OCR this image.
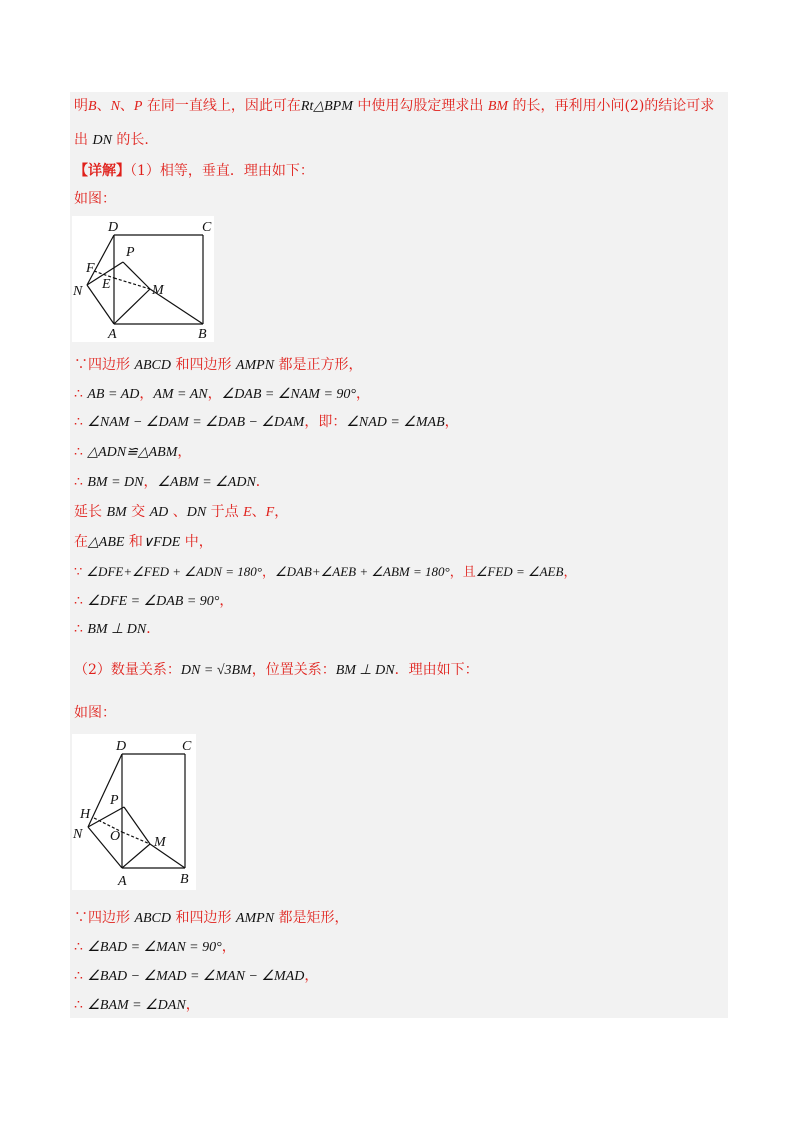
明B、N、P 在同一直线上，因此可在Rt△BPM 中使用勾股定理求出 BM 的长，再利用小问(2)的结论可求
出 DN 的长.
【详解】（1）相等，垂直．理由如下：
如图：
D	C
P
F
E
N	M
A	B
∵四边形 ABCD 和四边形 AMPN 都是正方形，
∴ AB = AD，AM = AN，∠DAB = ∠NAM = 90°，
∴ ∠NAM − ∠DAM = ∠DAB − ∠DAM，即：∠NAD = ∠MAB，
∴ △ADN≌△ABM，
∴ BM = DN，∠ABM = ∠ADN．
延长 BM 交 AD 、DN 于点 E、F，
在△ABE 和∨FDE 中，
∵ ∠DFE+∠FED + ∠ADN = 180°，∠DAB+∠AEB + ∠ABM = 180°，且∠FED = ∠AEB，
∴ ∠DFE = ∠DAB = 90°，
∴ BM ⊥ DN．
（2）数量关系：DN = √3BM，位置关系：BM ⊥ DN．理由如下：
如图：
D	C
P
H
O
N
M
A	B
∵四边形 ABCD 和四边形 AMPN 都是矩形，
∴ ∠BAD = ∠MAN = 90°，
∴ ∠BAD − ∠MAD = ∠MAN − ∠MAD，
∴ ∠BAM = ∠DAN，
